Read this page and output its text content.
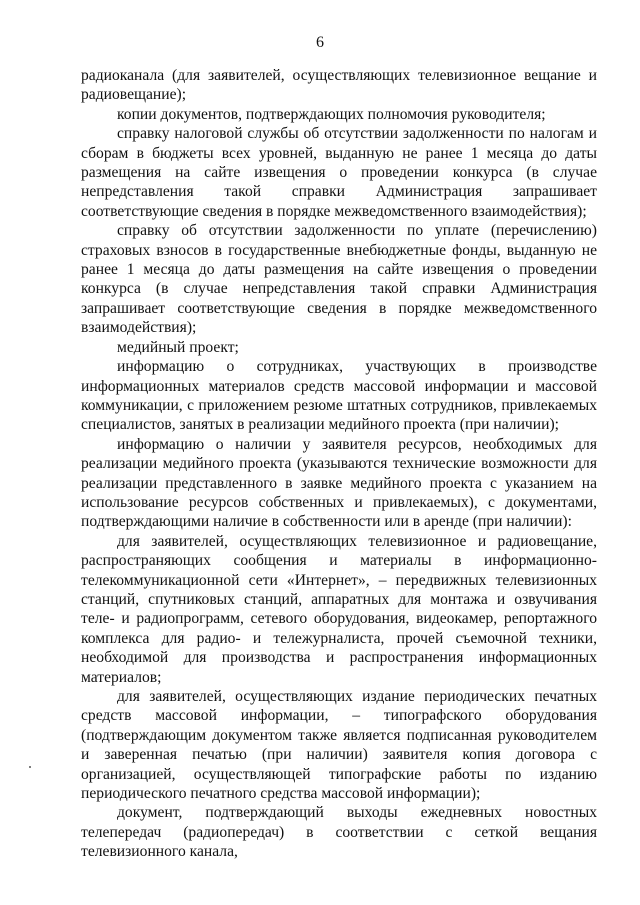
6

радиоканала (для заявителей, осуществляющих телевизионное вещание и радиовещание);

копии документов, подтверждающих полномочия руководителя;

справку налоговой службы об отсутствии задолженности по налогам и сборам в бюджеты всех уровней, выданную не ранее 1 месяца до даты размещения на сайте извещения о проведении конкурса (в случае непредставления такой справки Администрация запрашивает соответствующие сведения в порядке межведомственного взаимодействия);

справку об отсутствии задолженности по уплате (перечислению) страховых взносов в государственные внебюджетные фонды, выданную не ранее 1 месяца до даты размещения на сайте извещения о проведении конкурса (в случае непредставления такой справки Администрация запрашивает соответствующие сведения в порядке межведомственного взаимодействия);

медийный проект;

информацию о сотрудниках, участвующих в производстве информационных материалов средств массовой информации и массовой коммуникации, с приложением резюме штатных сотрудников, привлекаемых специалистов, занятых в реализации медийного проекта (при наличии);

информацию о наличии у заявителя ресурсов, необходимых для реализации медийного проекта (указываются технические возможности для реализации представленного в заявке медийного проекта с указанием на использование ресурсов собственных и привлекаемых), с документами, подтверждающими наличие в собственности или в аренде (при наличии):

для заявителей, осуществляющих телевизионное и радиовещание, распространяющих сообщения и материалы в информационно-телекоммуникационной сети «Интернет», – передвижных телевизионных станций, спутниковых станций, аппаратных для монтажа и озвучивания теле- и радиопрограмм, сетевого оборудования, видеокамер, репортажного комплекса для радио- и тележурналиста, прочей съемочной техники, необходимой для производства и распространения информационных материалов;

для заявителей, осуществляющих издание периодических печатных средств массовой информации, – типографского оборудования (подтверждающим документом также является подписанная руководителем и заверенная печатью (при наличии) заявителя копия договора с организацией, осуществляющей типографские работы по изданию периодического печатного средства массовой информации);

документ, подтверждающий выходы ежедневных новостных телепередач (радиопередач) в соответствии с сеткой вещания телевизионного канала,
